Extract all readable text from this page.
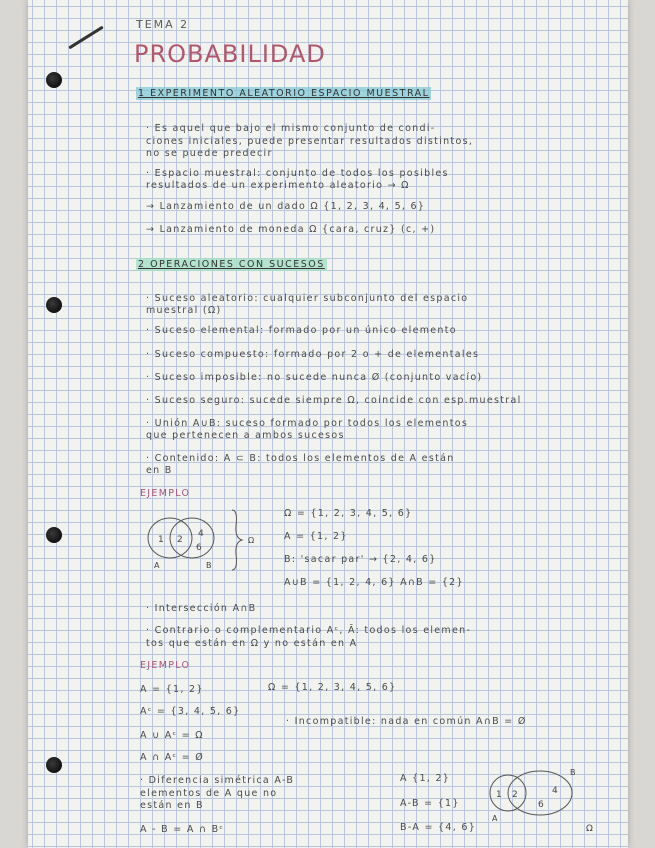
TEMA 2
PROBABILIDAD
1 EXPERIMENTO ALEATORIO ESPACIO MUESTRAL
· Es aquel que bajo el mismo conjunto de condi-
ciones iniciales, puede presentar resultados distintos,
no se puede predecir
· Espacio muestral: conjunto de todos los posibles
resultados de un experimento aleatorio → Ω
→ Lanzamiento de un dado Ω {1, 2, 3, 4, 5, 6}
→ Lanzamiento de moneda Ω {cara, cruz} (c, +)
2 OPERACIONES CON SUCESOS
· Suceso aleatorio: cualquier subconjunto del espacio
muestral (Ω)
· Suceso elemental: formado por un único elemento
· Suceso compuesto: formado por 2 o + de elementales
· Suceso imposible: no sucede nunca Ø (conjunto vacío)
· Suceso seguro: sucede siempre Ω, coincide con esp.muestral
· Unión A∪B: suceso formado por todos los elementos
que pertenecen a ambos sucesos
· Contenido: A ⊂ B: todos los elementos de A están
en B
EJEMPLO
1 2
4
6
A	B
Ω
Ω = {1, 2, 3, 4, 5, 6}
A = {1, 2}
B: 'sacar par' → {2, 4, 6}
A∪B = {1, 2, 4, 6} A∩B = {2}
· Intersección A∩B
· Contrario o complementario Aᶜ, Ā: todos los elemen-
tos que están en Ω y no están en A
EJEMPLO
A = {1, 2}	Ω = {1, 2, 3, 4, 5, 6}
Aᶜ = {3, 4, 5, 6}
· Incompatible: nada en común A∩B = Ø
A ∪ Aᶜ = Ω
A ∩ Aᶜ = Ø
· Diferencia simétrica A-B
elementos de A que no
están en B
A - B = A ∩ Bᶜ
A {1, 2}
A-B = {1}
B-A = {4, 6}
1 2	4
6
A
B
Ω
